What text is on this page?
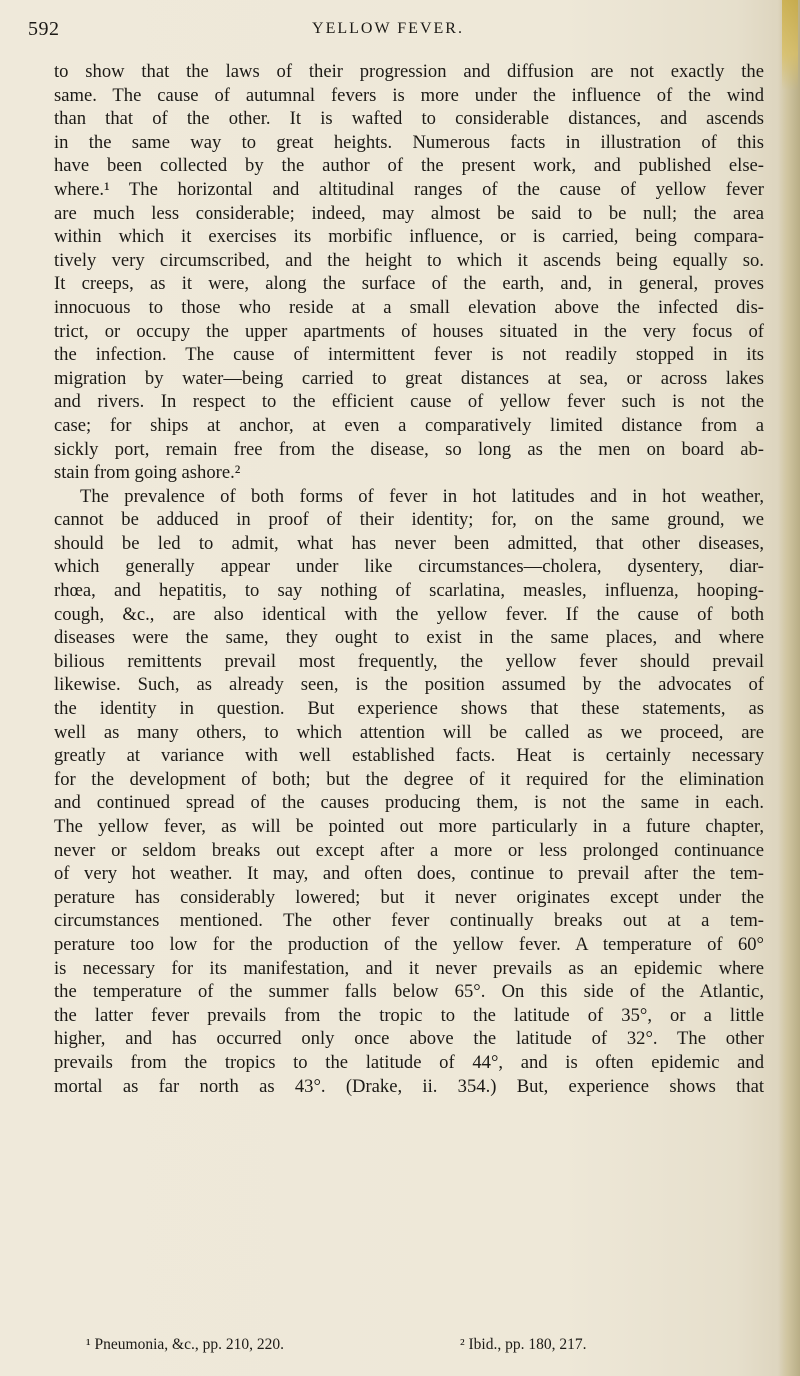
592	YELLOW FEVER.
to show that the laws of their progression and diffusion are not exactly the
same. The cause of autumnal fevers is more under the influence of the wind
than that of the other. It is wafted to considerable distances, and ascends
in the same way to great heights. Numerous facts in illustration of this
have been collected by the author of the present work, and published else-
where.¹ The horizontal and altitudinal ranges of the cause of yellow fever
are much less considerable; indeed, may almost be said to be null; the area
within which it exercises its morbific influence, or is carried, being compara-
tively very circumscribed, and the height to which it ascends being equally so.
It creeps, as it were, along the surface of the earth, and, in general, proves
innocuous to those who reside at a small elevation above the infected dis-
trict, or occupy the upper apartments of houses situated in the very focus of
the infection. The cause of intermittent fever is not readily stopped in its
migration by water—being carried to great distances at sea, or across lakes
and rivers. In respect to the efficient cause of yellow fever such is not the
case; for ships at anchor, at even a comparatively limited distance from a
sickly port, remain free from the disease, so long as the men on board ab-
stain from going ashore.²
The prevalence of both forms of fever in hot latitudes and in hot weather,
cannot be adduced in proof of their identity; for, on the same ground, we
should be led to admit, what has never been admitted, that other diseases,
which generally appear under like circumstances—cholera, dysentery, diar-
rhœa, and hepatitis, to say nothing of scarlatina, measles, influenza, hooping-
cough, &c., are also identical with the yellow fever. If the cause of both
diseases were the same, they ought to exist in the same places, and where
bilious remittents prevail most frequently, the yellow fever should prevail
likewise. Such, as already seen, is the position assumed by the advocates of
the identity in question. But experience shows that these statements, as
well as many others, to which attention will be called as we proceed, are
greatly at variance with well established facts. Heat is certainly necessary
for the development of both; but the degree of it required for the elimination
and continued spread of the causes producing them, is not the same in each.
The yellow fever, as will be pointed out more particularly in a future chapter,
never or seldom breaks out except after a more or less prolonged continuance
of very hot weather. It may, and often does, continue to prevail after the tem-
perature has considerably lowered; but it never originates except under the
circumstances mentioned. The other fever continually breaks out at a tem-
perature too low for the production of the yellow fever. A temperature of 60°
is necessary for its manifestation, and it never prevails as an epidemic where
the temperature of the summer falls below 65°. On this side of the Atlantic,
the latter fever prevails from the tropic to the latitude of 35°, or a little
higher, and has occurred only once above the latitude of 32°. The other
prevails from the tropics to the latitude of 44°, and is often epidemic and
mortal as far north as 43°. (Drake, ii. 354.) But, experience shows that
¹ Pneumonia, &c., pp. 210, 220.	² Ibid., pp. 180, 217.
